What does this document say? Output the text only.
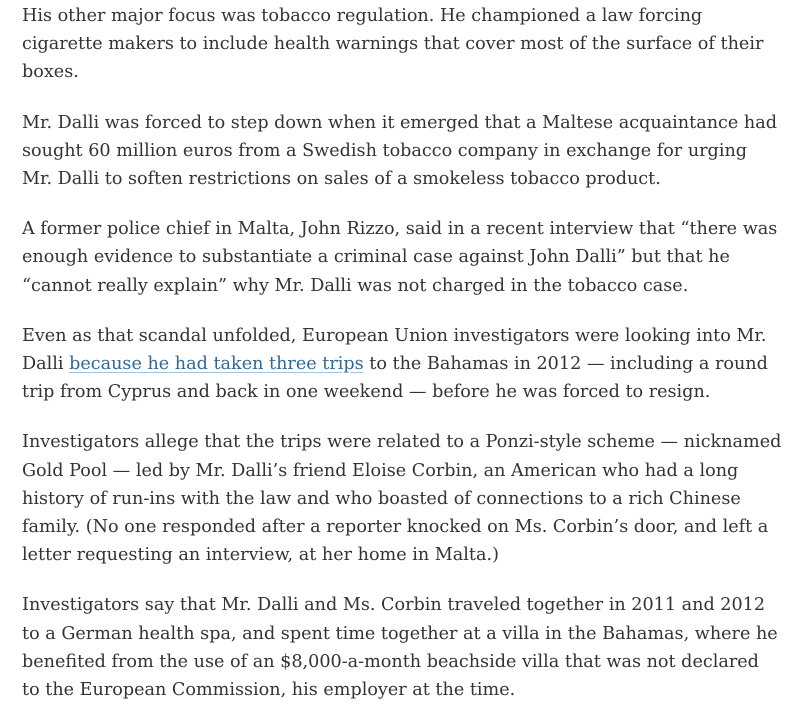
His other major focus was tobacco regulation. He championed a law forcing cigarette makers to include health warnings that cover most of the surface of their boxes.

Mr. Dalli was forced to step down when it emerged that a Maltese acquaintance had sought 60 million euros from a Swedish tobacco company in exchange for urging Mr. Dalli to soften restrictions on sales of a smokeless tobacco product.

A former police chief in Malta, John Rizzo, said in a recent interview that “there was enough evidence to substantiate a criminal case against John Dalli” but that he “cannot really explain” why Mr. Dalli was not charged in the tobacco case.

Even as that scandal unfolded, European Union investigators were looking into Mr. Dalli because he had taken three trips to the Bahamas in 2012 — including a round trip from Cyprus and back in one weekend — before he was forced to resign.

Investigators allege that the trips were related to a Ponzi-style scheme — nicknamed Gold Pool — led by Mr. Dalli’s friend Eloise Corbin, an American who had a long history of run-ins with the law and who boasted of connections to a rich Chinese family. (No one responded after a reporter knocked on Ms. Corbin’s door, and left a letter requesting an interview, at her home in Malta.)

Investigators say that Mr. Dalli and Ms. Corbin traveled together in 2011 and 2012 to a German health spa, and spent time together at a villa in the Bahamas, where he benefited from the use of an $8,000-a-month beachside villa that was not declared to the European Commission, his employer at the time.
